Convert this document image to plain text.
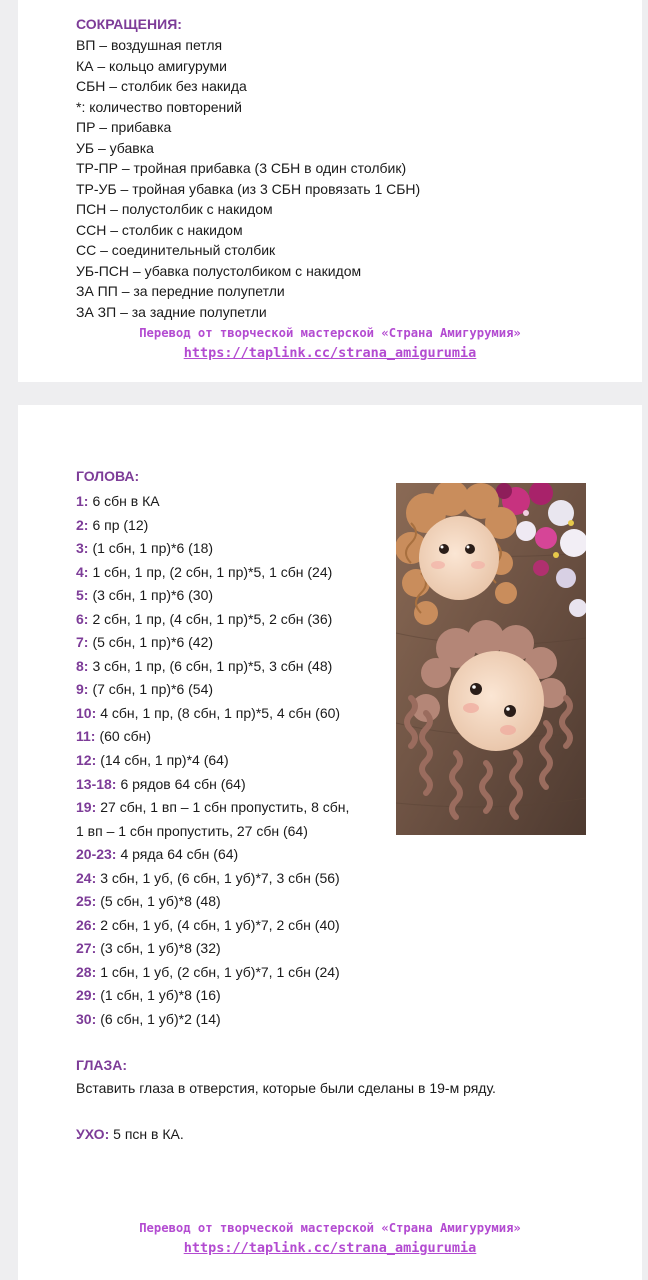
СОКРАЩЕНИЯ:
ВП – воздушная петля
КА – кольцо амигуруми
СБН – столбик без накида
*: количество повторений
ПР – прибавка
УБ – убавка
ТР-ПР – тройная прибавка (3 СБН в один столбик)
ТР-УБ – тройная убавка (из 3 СБН провязать 1 СБН)
ПСН – полустолбик с накидом
ССН – столбик с накидом
СС – соединительный столбик
УБ-ПСН – убавка полустолбиком с накидом
ЗА ПП – за передние полупетли
ЗА ЗП – за задние полупетли
Перевод от творческой мастерской «Страна Амигурумия»
https://taplink.cc/strana_amigurumia
ГОЛОВА:
1: 6 сбн в КА
2: 6 пр (12)
3: (1 сбн, 1 пр)*6 (18)
4: 1 сбн, 1 пр, (2 сбн, 1 пр)*5, 1 сбн (24)
5: (3 сбн, 1 пр)*6 (30)
6: 2 сбн, 1 пр, (4 сбн, 1 пр)*5, 2 сбн (36)
7: (5 сбн, 1 пр)*6 (42)
8: 3 сбн, 1 пр, (6 сбн, 1 пр)*5, 3 сбн (48)
9: (7 сбн, 1 пр)*6 (54)
10: 4 сбн, 1 пр, (8 сбн, 1 пр)*5, 4 сбн (60)
11: (60 сбн)
12: (14 сбн, 1 пр)*4 (64)
13-18: 6 рядов 64 сбн (64)
19: 27 сбн, 1 вп – 1 сбн пропустить, 8 сбн,
1 вп – 1 сбн пропустить, 27 сбн (64)
20-23: 4 ряда 64 сбн (64)
24: 3 сбн, 1 уб, (6 сбн, 1 уб)*7, 3 сбн (56)
25: (5 сбн, 1 уб)*8 (48)
26: 2 сбн, 1 уб, (4 сбн, 1 уб)*7, 2 сбн (40)
27: (3 сбн, 1 уб)*8 (32)
28: 1 сбн, 1 уб, (2 сбн, 1 уб)*7, 1 сбн (24)
29: (1 сбн, 1 уб)*8 (16)
30: (6 сбн, 1 уб)*2 (14)
ГЛАЗА:
Вставить глаза в отверстия, которые были сделаны в 19-м ряду.
УХО: 5 псн в КА.
Перевод от творческой мастерской «Страна Амигурумия»
https://taplink.cc/strana_amigurumia
